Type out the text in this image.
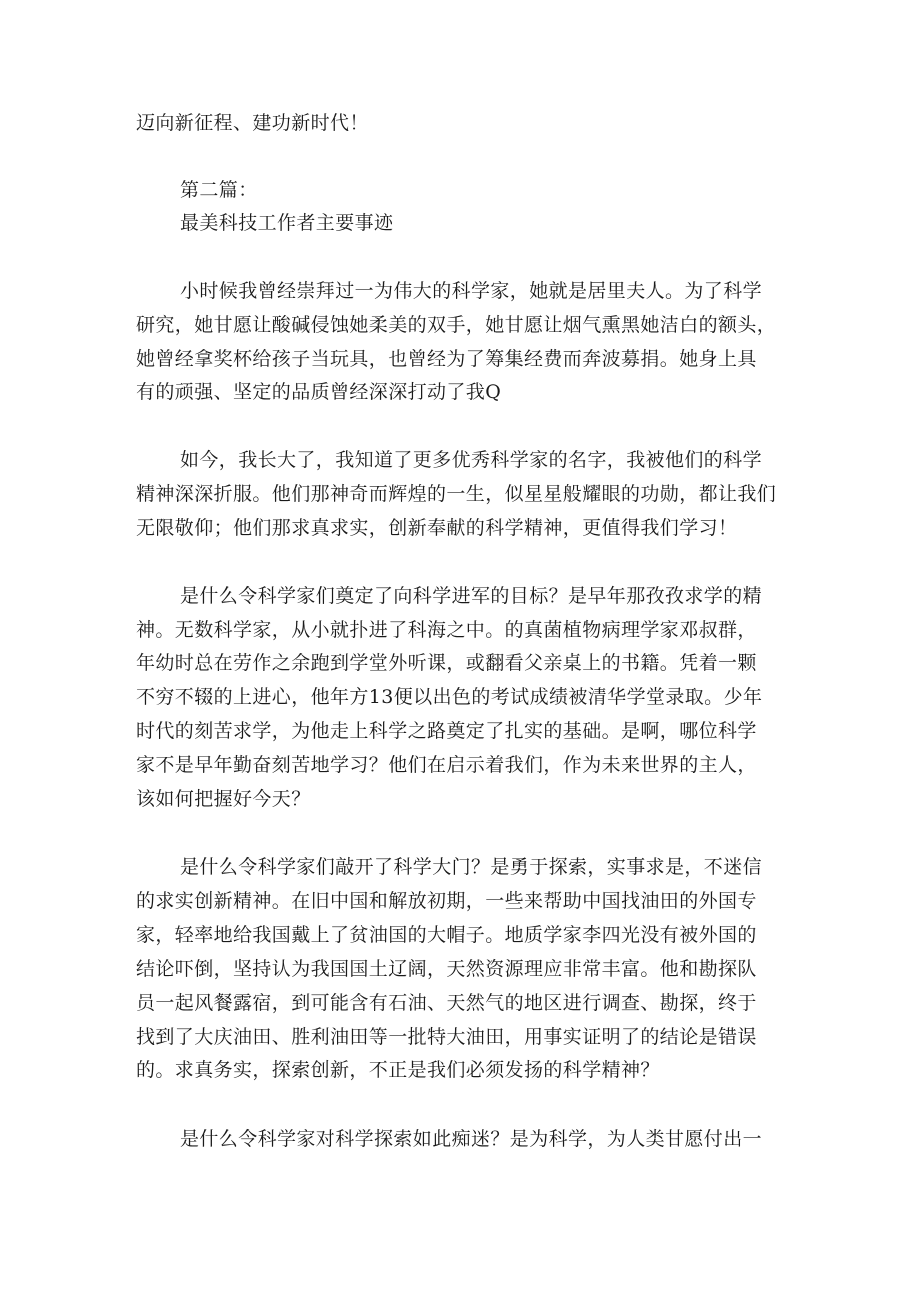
迈向新征程、建功新时代！
第二篇：
最美科技工作者主要事迹
小时候我曾经崇拜过一为伟大的科学家，她就是居里夫人。为了科学
研究，她甘愿让酸碱侵蚀她柔美的双手，她甘愿让烟气熏黑她洁白的额头，
她曾经拿奖杯给孩子当玩具，也曾经为了筹集经费而奔波募捐。她身上具
有的顽强、坚定的品质曾经深深打动了我Q
如今，我长大了，我知道了更多优秀科学家的名字，我被他们的科学
精神深深折服。他们那神奇而辉煌的一生，似星星般耀眼的功勋，都让我们
无限敬仰；他们那求真求实，创新奉献的科学精神，更值得我们学习！
是什么令科学家们奠定了向科学进军的目标？是早年那孜孜求学的精
神。无数科学家，从小就扑进了科海之中。的真菌植物病理学家邓叔群，
年幼时总在劳作之余跑到学堂外听课，或翻看父亲桌上的书籍。凭着一颗
不穷不辍的上进心，他年方13便以出色的考试成绩被清华学堂录取。少年
时代的刻苦求学，为他走上科学之路奠定了扎实的基础。是啊，哪位科学
家不是早年勤奋刻苦地学习？他们在启示着我们，作为未来世界的主人，
该如何把握好今天？
是什么令科学家们敲开了科学大门？是勇于探索，实事求是，不迷信
的求实创新精神。在旧中国和解放初期，一些来帮助中国找油田的外国专
家，轻率地给我国戴上了贫油国的大帽子。地质学家李四光没有被外国的
结论吓倒，坚持认为我国国土辽阔，天然资源理应非常丰富。他和勘探队
员一起风餐露宿，到可能含有石油、天然气的地区进行调查、勘探，终于
找到了大庆油田、胜利油田等一批特大油田，用事实证明了的结论是错误
的。求真务实，探索创新，不正是我们必须发扬的科学精神？
是什么令科学家对科学探索如此痴迷？是为科学，为人类甘愿付出一
